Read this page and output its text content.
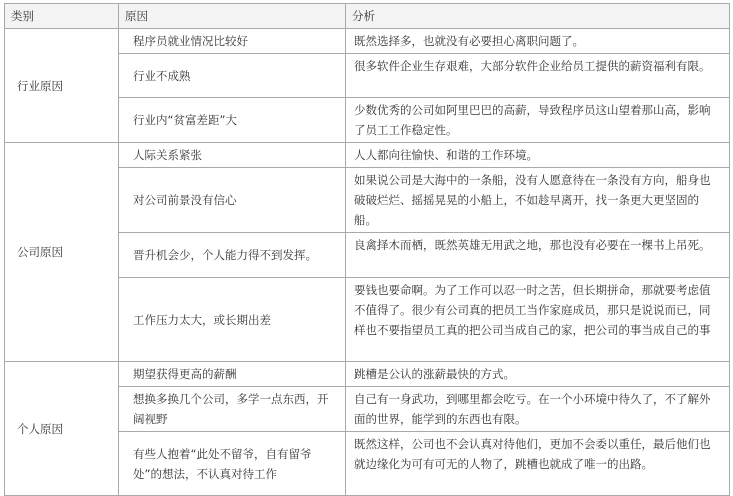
类别	原因	分析
行业原因	程序员就业情况比较好	既然选择多，也就没有必要担心离职问题了。
	行业不成熟	很多软件企业生存艰难，大部分软件企业给员工提供的薪资福利有限。
	行业内“贫富差距”大	少数优秀的公司如阿里巴巴的高薪，导致程序员这山望着那山高，影响了员工工作稳定性。
公司原因	人际关系紧张	人人都向往愉快、和谐的工作环境。
	对公司前景没有信心	如果说公司是大海中的一条船，没有人愿意待在一条没有方向，船身也破破烂烂、摇摇晃晃的小船上，不如趁早离开，找一条更大更坚固的船。
	晋升机会少，个人能力得不到发挥。	良禽择木而栖，既然英雄无用武之地，那也没有必要在一棵书上吊死。
	工作压力太大，或长期出差	要钱也要命啊。为了工作可以忍一时之苦，但长期拼命，那就要考虑值不值得了。很少有公司真的把员工当作家庭成员，那只是说说而已，同样也不要指望员工真的把公司当成自己的家，把公司的事当成自己的事
个人原因	期望获得更高的薪酬	跳槽是公认的涨薪最快的方式。
	想换多换几个公司，多学一点东西，开阔视野	自己有一身武功，到哪里都会吃亏。在一个小环境中待久了，不了解外面的世界，能学到的东西也有限。
	有些人抱着“此处不留爷，自有留爷处”的想法，不认真对待工作	既然这样，公司也不会认真对待他们，更加不会委以重任，最后他们也就边缘化为可有可无的人物了，跳槽也就成了唯一的出路。
